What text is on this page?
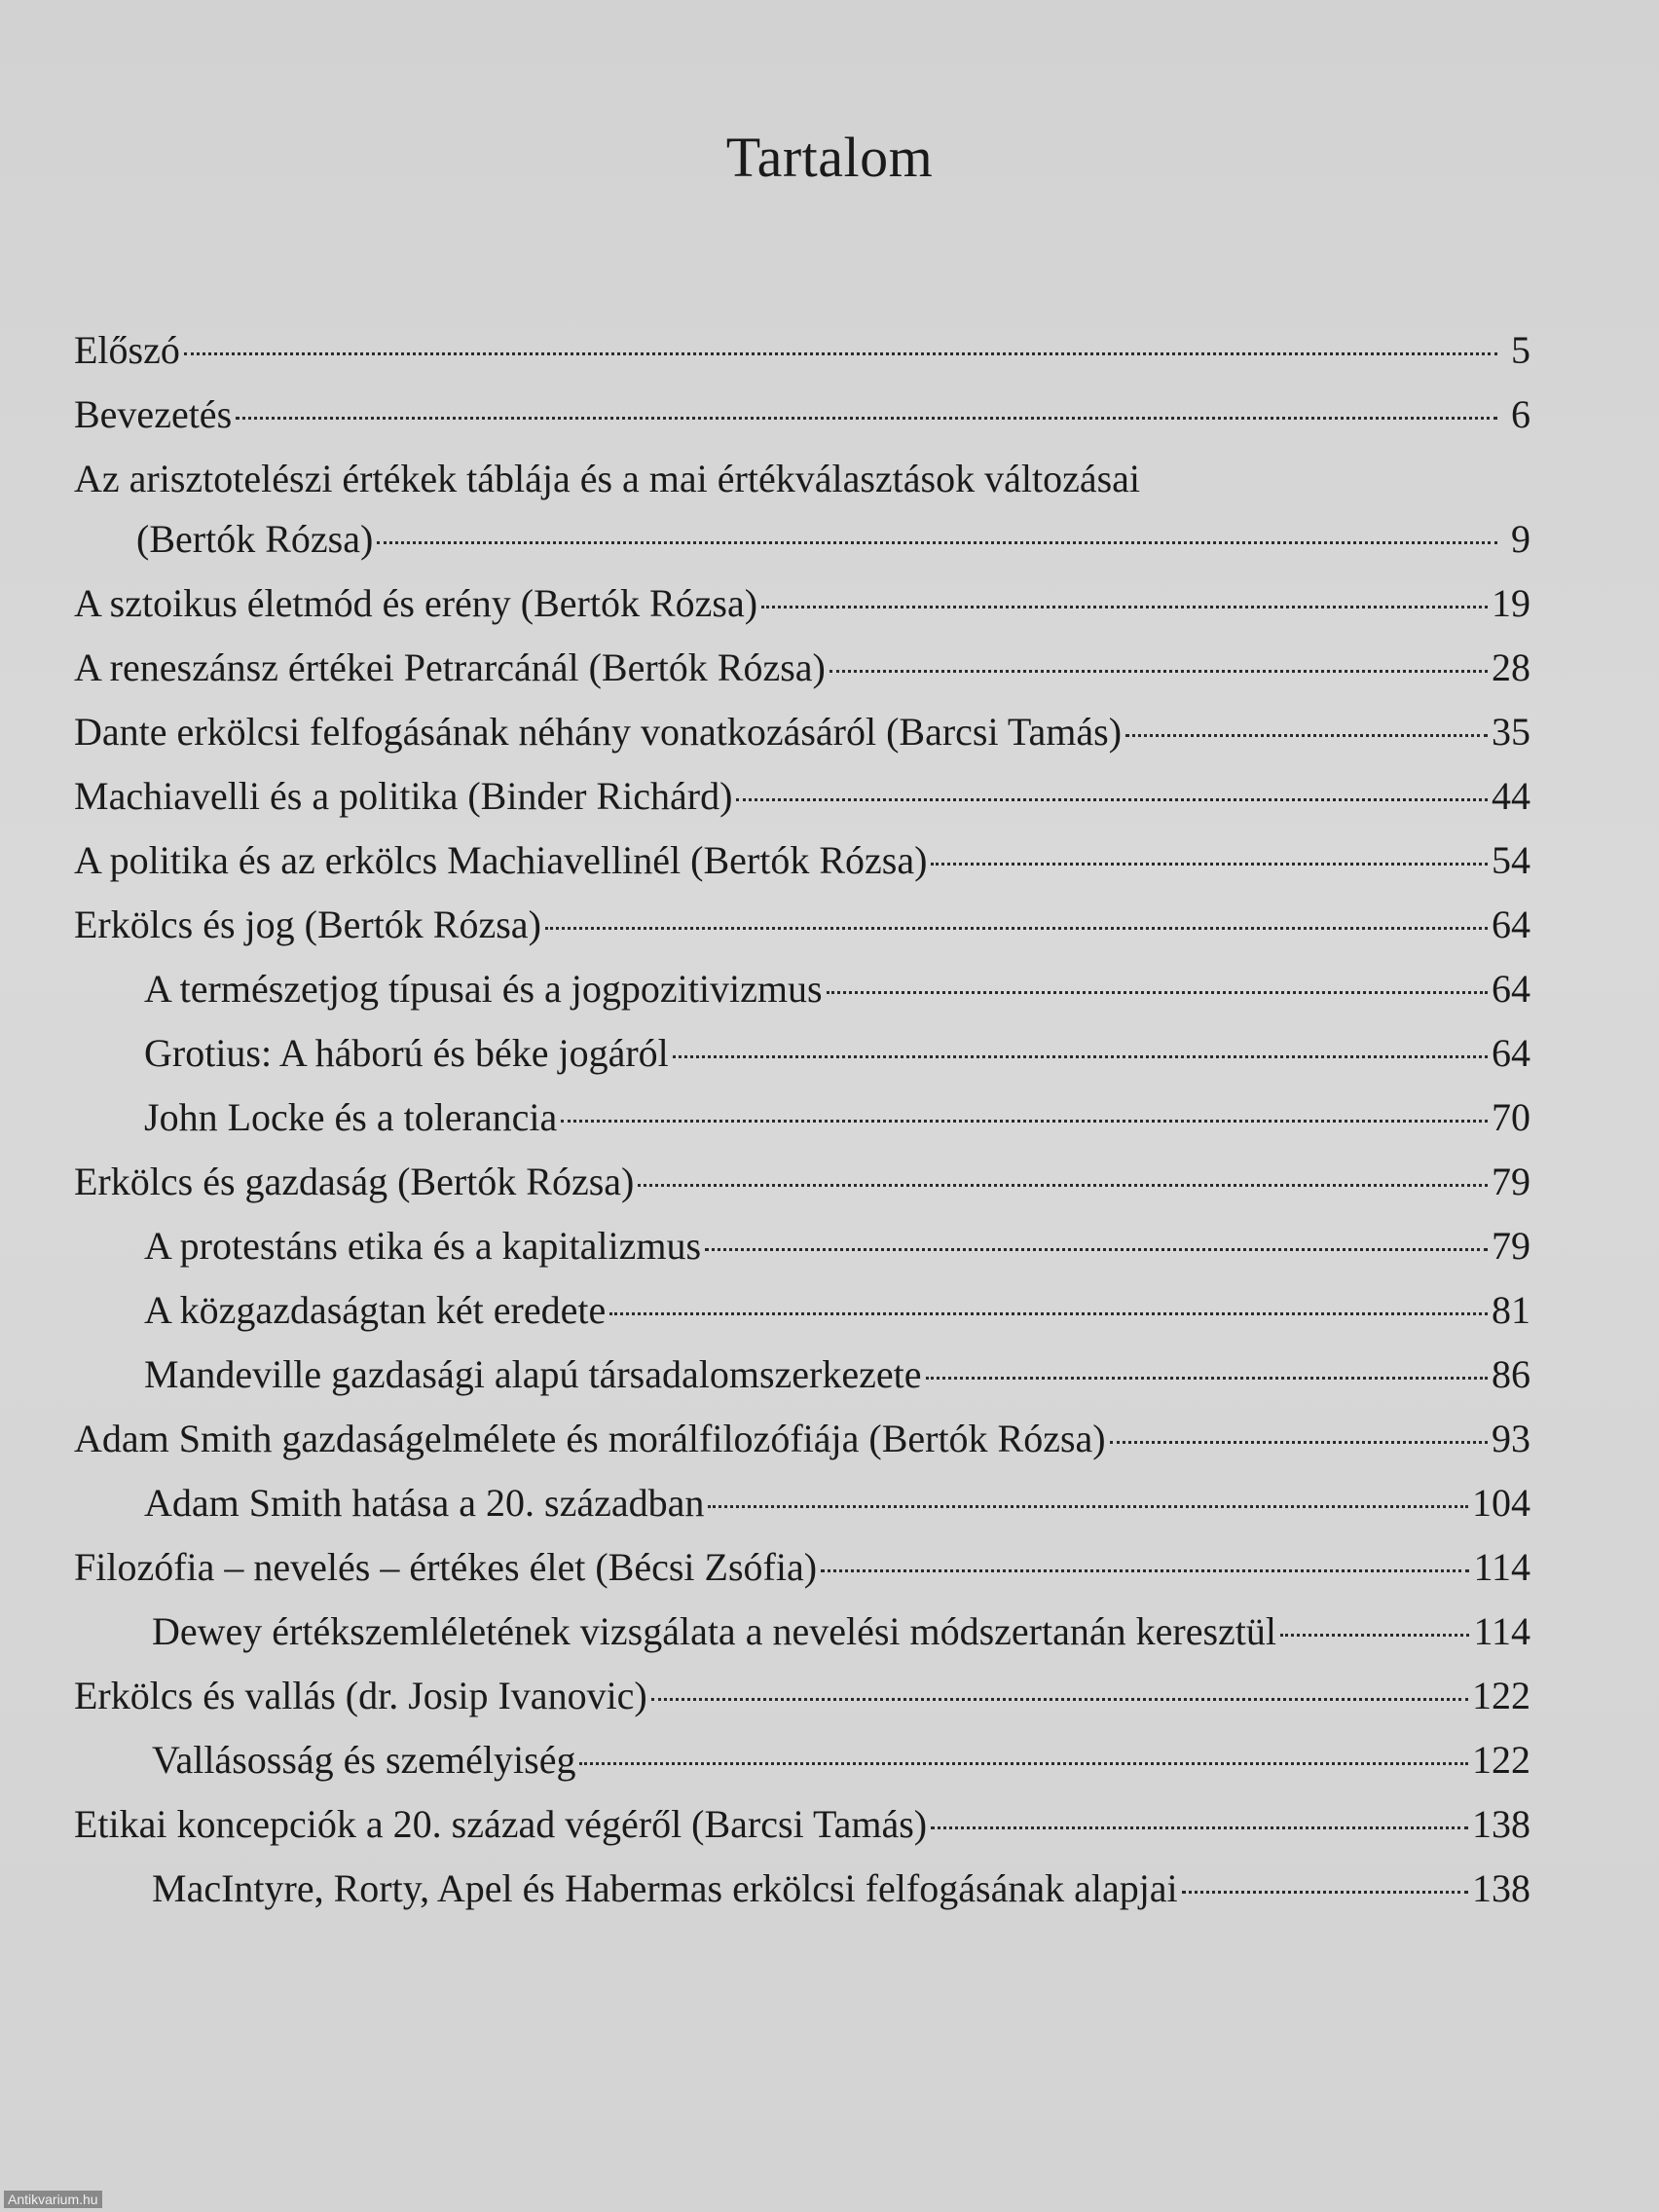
Tartalom
Előszó	5
Bevezetés	6
Az arisztotelészi értékek táblája és a mai értékválasztások változásai
(Bertók Rózsa)	9
A sztoikus életmód és erény (Bertók Rózsa)	19
A reneszánsz értékei Petrarcánál (Bertók Rózsa)	28
Dante erkölcsi felfogásának néhány vonatkozásáról (Barcsi Tamás)	35
Machiavelli és a politika (Binder Richárd)	44
A politika és az erkölcs Machiavellinél (Bertók Rózsa)	54
Erkölcs és jog (Bertók Rózsa)	64
A természetjog típusai és a jogpozitivizmus	64
Grotius: A háború és béke jogáról	64
John Locke és a tolerancia	70
Erkölcs és gazdaság (Bertók Rózsa)	79
A protestáns etika és a kapitalizmus	79
A közgazdaságtan két eredete	81
Mandeville gazdasági alapú társadalomszerkezete	86
Adam Smith gazdaságelmélete és morálfilozófiája (Bertók Rózsa)	93
Adam Smith hatása a 20. században	104
Filozófia – nevelés – értékes élet (Bécsi Zsófia)	114
Dewey értékszemléletének vizsgálata a nevelési módszertanán keresztül	114
Erkölcs és vallás (dr. Josip Ivanovic)	122
Vallásosság és személyiség	122
Etikai koncepciók a 20. század végéről (Barcsi Tamás)	138
MacIntyre, Rorty, Apel és Habermas erkölcsi felfogásának alapjai	138
Antikvarium.hu
